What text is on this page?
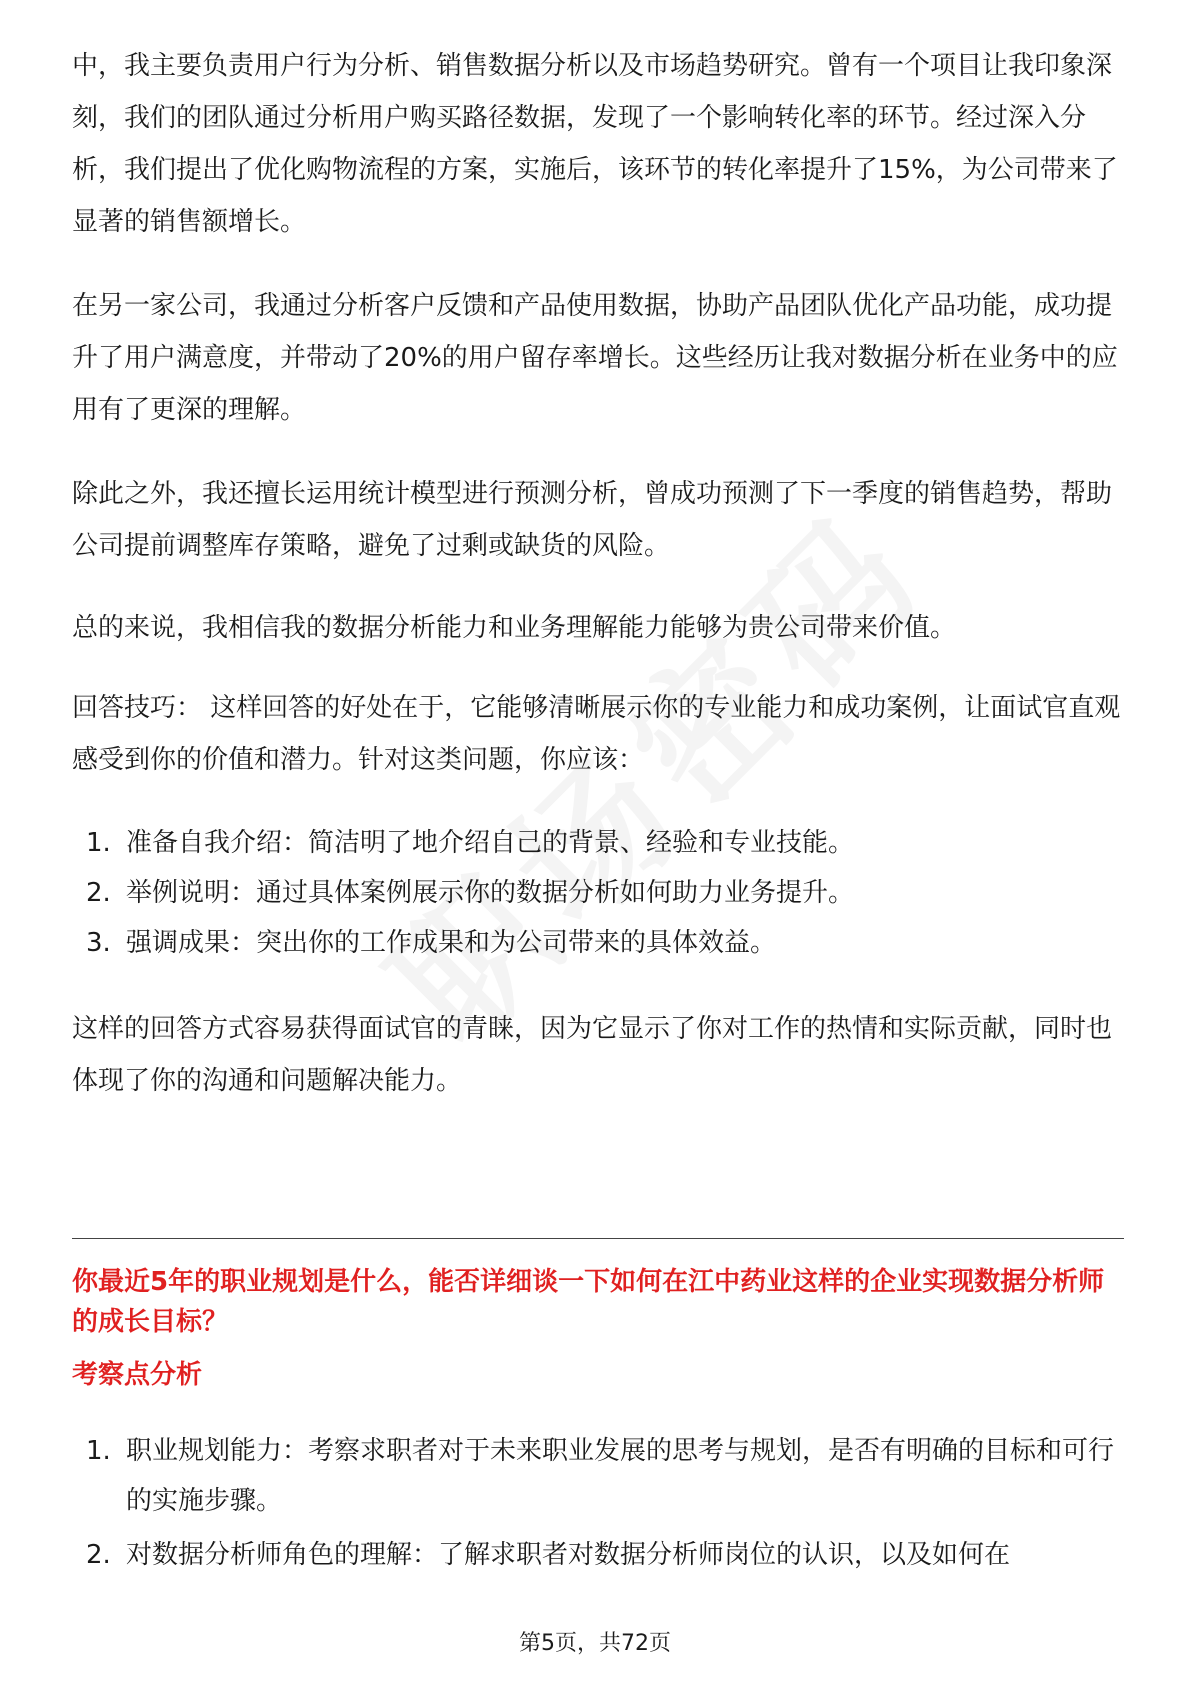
中，我主要负责用户行为分析、销售数据分析以及市场趋势研究。曾有一个项目让我印象深刻，我们的团队通过分析用户购买路径数据，发现了一个影响转化率的环节。经过深入分析，我们提出了优化购物流程的方案，实施后，该环节的转化率提升了15%，为公司带来了显著的销售额增长。

在另一家公司，我通过分析客户反馈和产品使用数据，协助产品团队优化产品功能，成功提升了用户满意度，并带动了20%的用户留存率增长。这些经历让我对数据分析在业务中的应用有了更深的理解。

除此之外，我还擅长运用统计模型进行预测分析，曾成功预测了下一季度的销售趋势，帮助公司提前调整库存策略，避免了过剩或缺货的风险。

总的来说，我相信我的数据分析能力和业务理解能力能够为贵公司带来价值。

回答技巧： 这样回答的好处在于，它能够清晰展示你的专业能力和成功案例，让面试官直观感受到你的价值和潜力。针对这类问题，你应该：

1. 准备自我介绍：简洁明了地介绍自己的背景、经验和专业技能。
2. 举例说明：通过具体案例展示你的数据分析如何助力业务提升。
3. 强调成果：突出你的工作成果和为公司带来的具体效益。

这样的回答方式容易获得面试官的青睐，因为它显示了你对工作的热情和实际贡献，同时也体现了你的沟通和问题解决能力。

你最近5年的职业规划是什么，能否详细谈一下如何在江中药业这样的企业实现数据分析师的成长目标？

考察点分析

1. 职业规划能力：考察求职者对于未来职业发展的思考与规划，是否有明确的目标和可行的实施步骤。
2. 对数据分析师角色的理解：了解求职者对数据分析师岗位的认识，以及如何在
第5页，共72页
